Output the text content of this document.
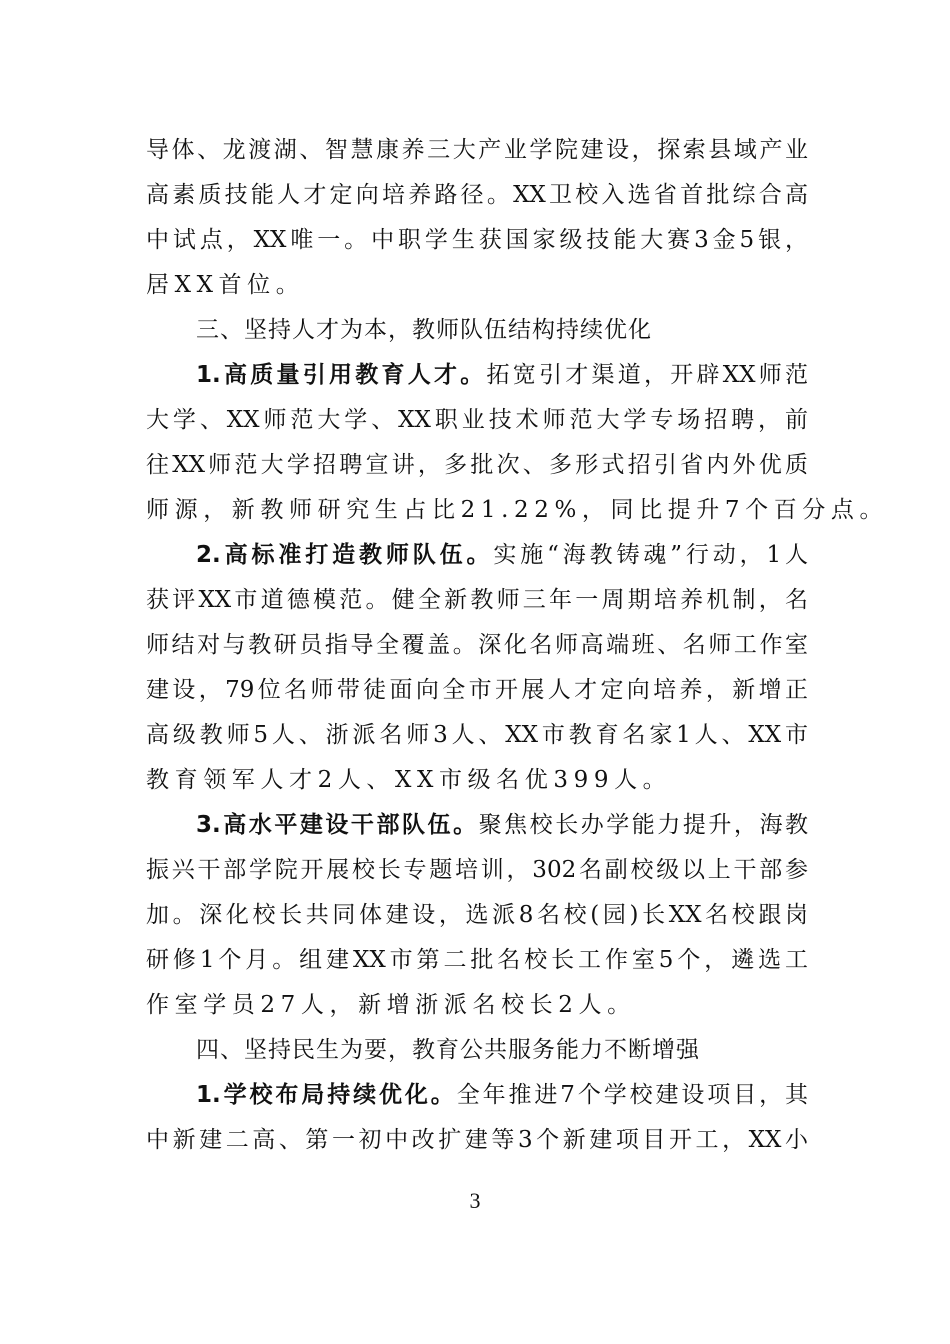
导体、龙渡湖、智慧康养三大产业学院建设，探索县域产业
高素质技能人才定向培养路径。XX卫校入选省首批综合高
中试点，XX唯一。中职学生获国家级技能大赛3金5银，
居XX首位。
三、坚持人才为本，教师队伍结构持续优化
1.高质量引用教育人才。拓宽引才渠道，开辟XX师范
大学、XX师范大学、XX职业技术师范大学专场招聘，前
往XX师范大学招聘宣讲，多批次、多形式招引省内外优质
师源，新教师研究生占比21.22%，同比提升7个百分点。
2.高标准打造教师队伍。实施“海教铸魂”行动，1人
获评XX市道德模范。健全新教师三年一周期培养机制，名
师结对与教研员指导全覆盖。深化名师高端班、名师工作室
建设，79位名师带徒面向全市开展人才定向培养，新增正
高级教师5人、浙派名师3人、XX市教育名家1人、XX市
教育领军人才2人、XX市级名优399人。
3.高水平建设干部队伍。聚焦校长办学能力提升，海教
振兴干部学院开展校长专题培训，302名副校级以上干部参
加。深化校长共同体建设，选派8名校(园)长XX名校跟岗
研修1个月。组建XX市第二批名校长工作室5个，遴选工
作室学员27人，新增浙派名校长2人。
四、坚持民生为要，教育公共服务能力不断增强
1.学校布局持续优化。全年推进7个学校建设项目，其
中新建二高、第一初中改扩建等3个新建项目开工，XX小
3
